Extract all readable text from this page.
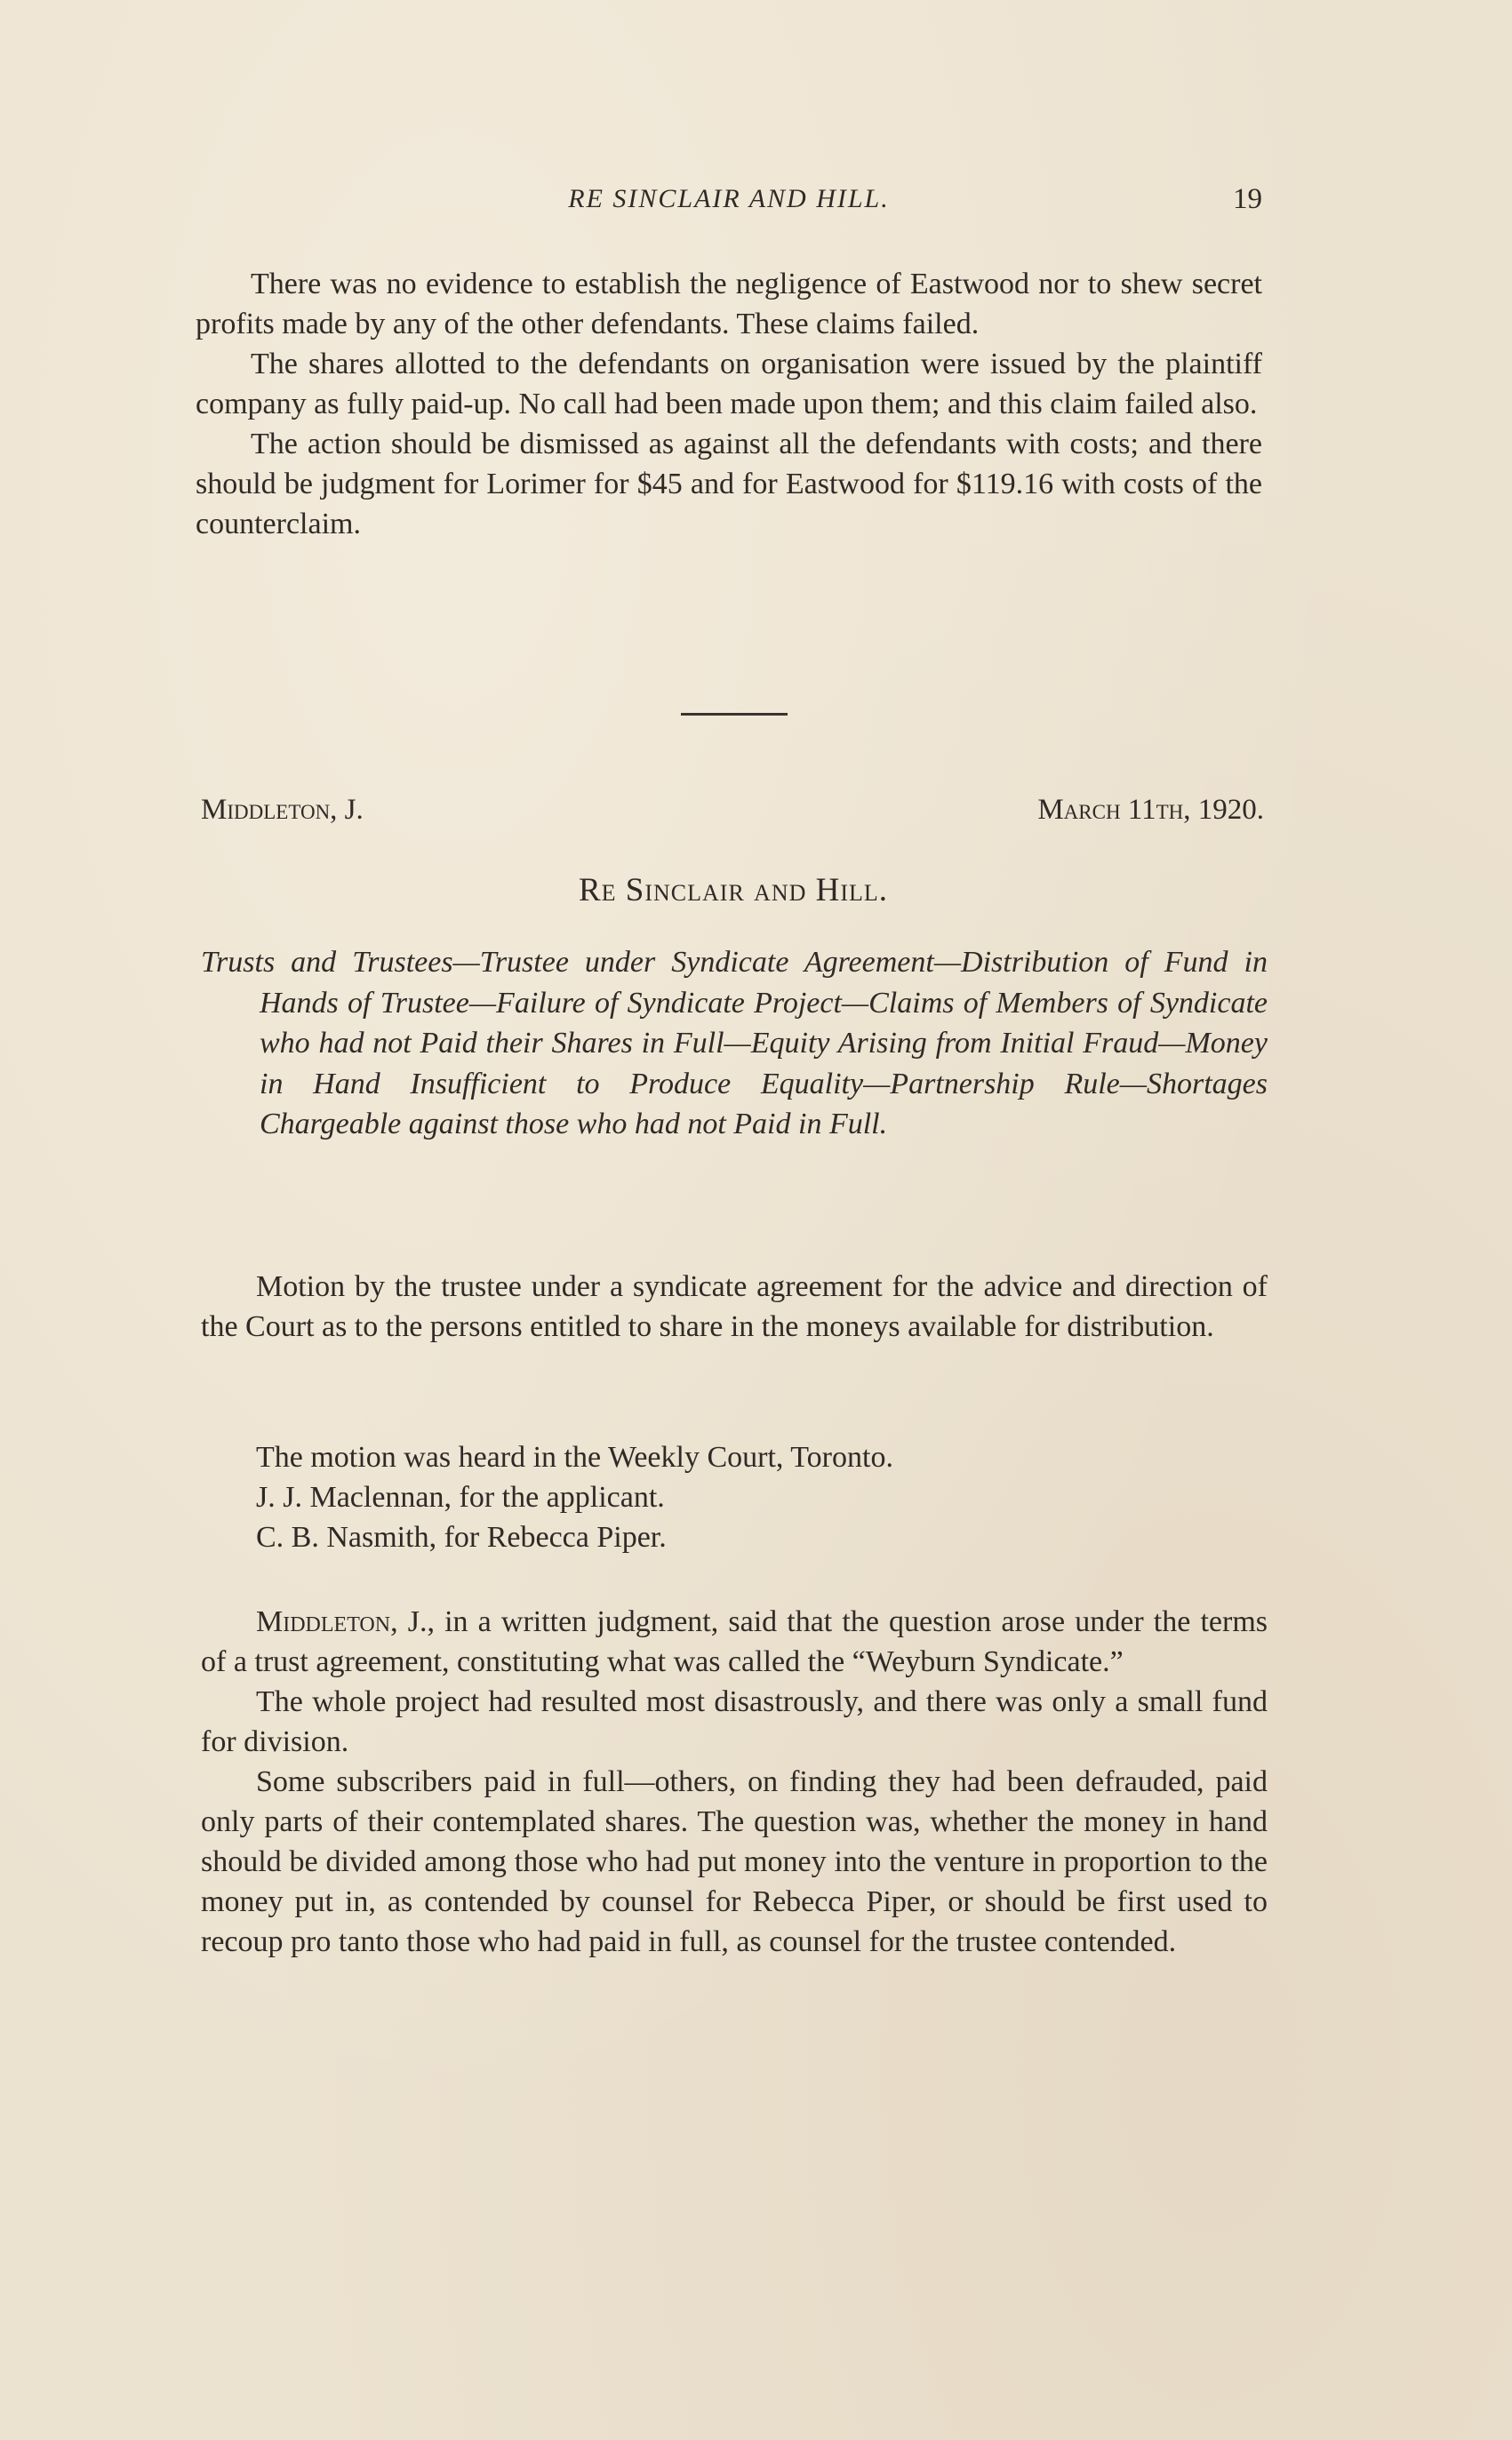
RE SINCLAIR AND HILL.	19

There was no evidence to establish the negligence of Eastwood nor to shew secret profits made by any of the other defendants. These claims failed.

The shares allotted to the defendants on organisation were issued by the plaintiff company as fully paid-up. No call had been made upon them; and this claim failed also.

The action should be dismissed as against all the defendants with costs; and there should be judgment for Lorimer for $45 and for Eastwood for $119.16 with costs of the counterclaim.

Middleton, J.	March 11th, 1920.
Re Sinclair and Hill.
Trusts and Trustees—Trustee under Syndicate Agreement—Distribution of Fund in Hands of Trustee—Failure of Syndicate Project—Claims of Members of Syndicate who had not Paid their Shares in Full—Equity Arising from Initial Fraud—Money in Hand Insufficient to Produce Equality—Partnership Rule—Shortages Chargeable against those who had not Paid in Full.

Motion by the trustee under a syndicate agreement for the advice and direction of the Court as to the persons entitled to share in the moneys available for distribution.

The motion was heard in the Weekly Court, Toronto.
J. J. Maclennan, for the applicant.
C. B. Nasmith, for Rebecca Piper.

Middleton, J., in a written judgment, said that the question arose under the terms of a trust agreement, constituting what was called the “Weyburn Syndicate.”

The whole project had resulted most disastrously, and there was only a small fund for division.

Some subscribers paid in full—others, on finding they had been defrauded, paid only parts of their contemplated shares. The question was, whether the money in hand should be divided among those who had put money into the venture in proportion to the money put in, as contended by counsel for Rebecca Piper, or should be first used to recoup pro tanto those who had paid in full, as counsel for the trustee contended.
